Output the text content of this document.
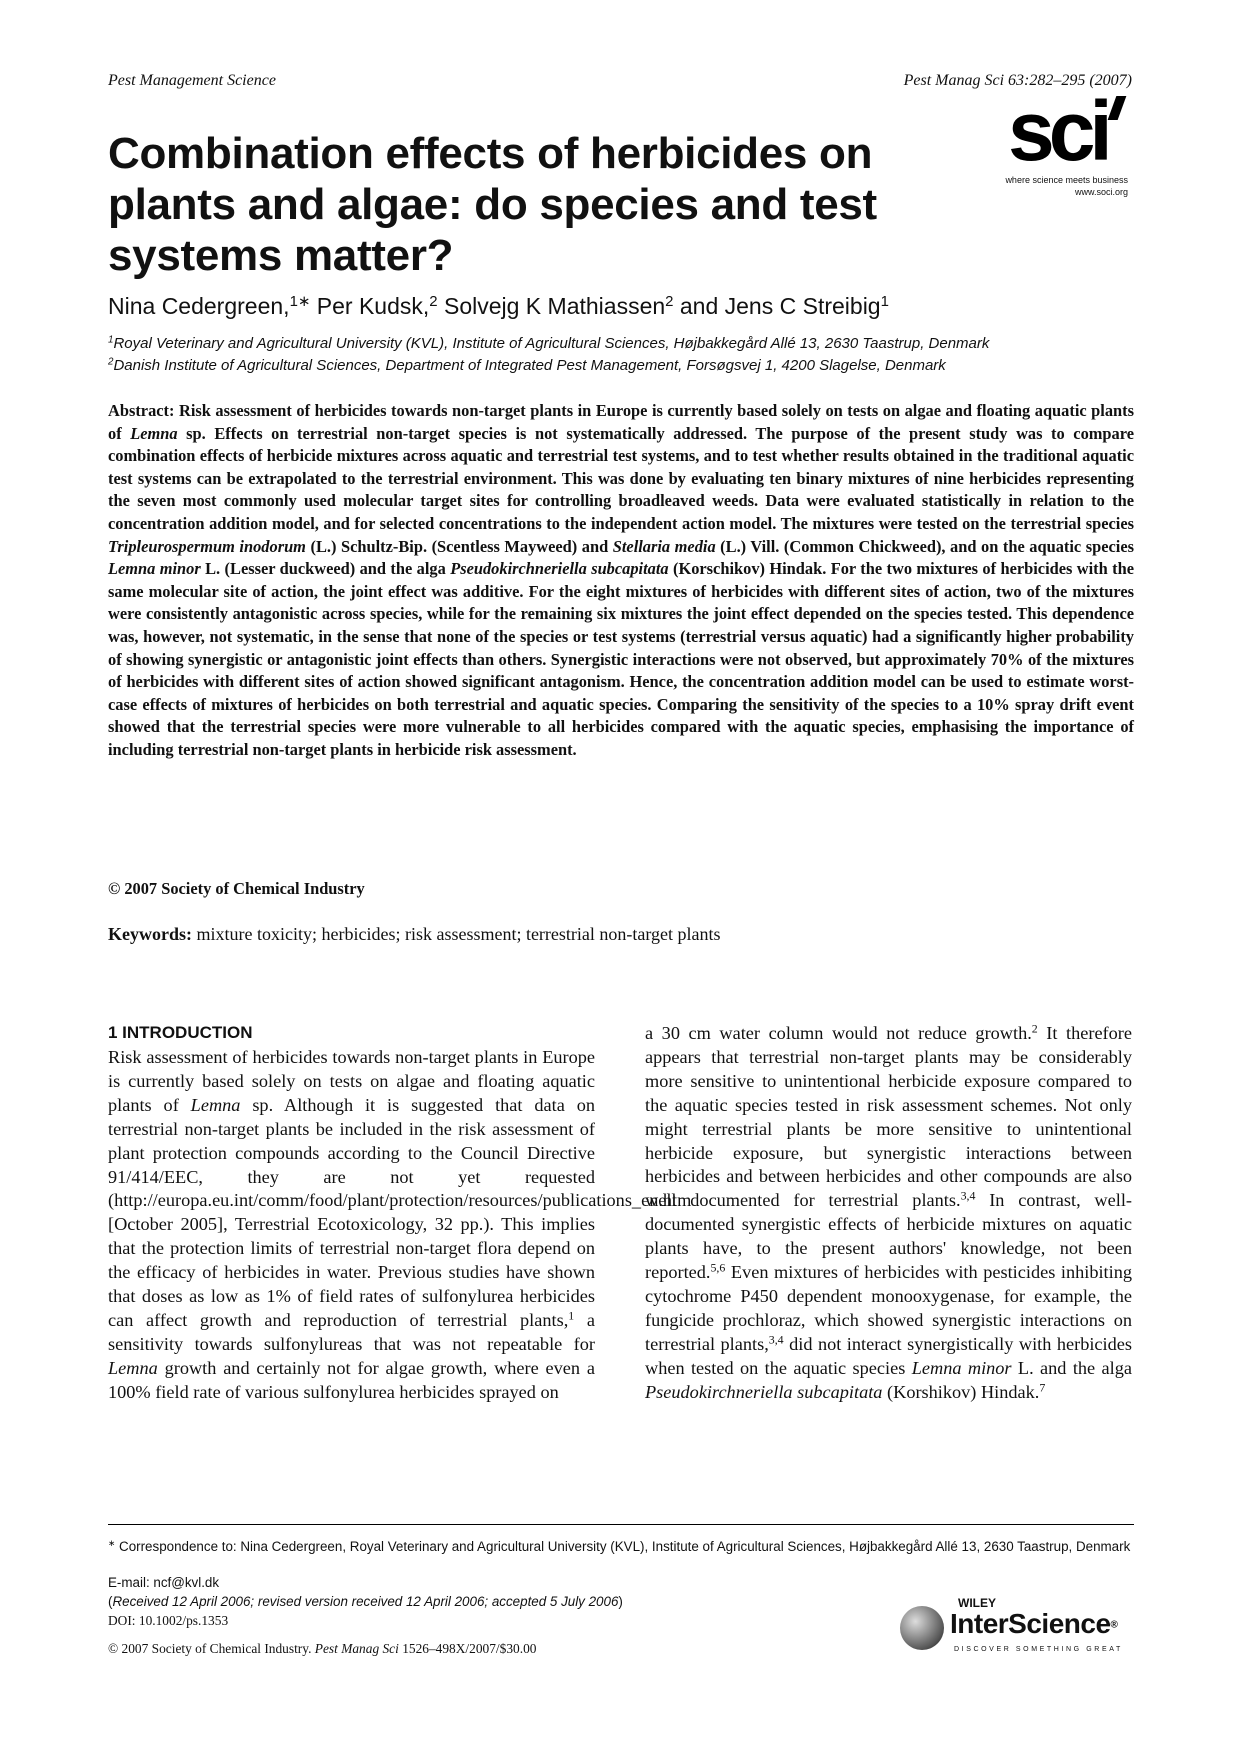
Pest Management Science	Pest Manag Sci 63:282–295 (2007)
sci
where science meets business
www.soci.org
Combination effects of herbicides on plants and algae: do species and test systems matter?
Nina Cedergreen,$^{1∗}$ Per Kudsk,$^2$ Solvejg K Mathiassen$^2$ and Jens C Streibig$^1$
$^1$Royal Veterinary and Agricultural University (KVL), Institute of Agricultural Sciences, Højbakkegård Allé 13, 2630 Taastrup, Denmark
$^2$Danish Institute of Agricultural Sciences, Department of Integrated Pest Management, Forsøgsvej 1, 4200 Slagelse, Denmark
Abstract: Risk assessment of herbicides towards non-target plants in Europe is currently based solely on tests on algae and floating aquatic plants of Lemna sp. Effects on terrestrial non-target species is not systematically addressed. The purpose of the present study was to compare combination effects of herbicide mixtures across aquatic and terrestrial test systems, and to test whether results obtained in the traditional aquatic test systems can be extrapolated to the terrestrial environment. This was done by evaluating ten binary mixtures of nine herbicides representing the seven most commonly used molecular target sites for controlling broadleaved weeds. Data were evaluated statistically in relation to the concentration addition model, and for selected concentrations to the independent action model. The mixtures were tested on the terrestrial species Tripleurospermum inodorum (L.) Schultz-Bip. (Scentless Mayweed) and Stellaria media (L.) Vill. (Common Chickweed), and on the aquatic species Lemna minor L. (Lesser duckweed) and the alga Pseudokirchneriella subcapitata (Korschikov) Hindak. For the two mixtures of herbicides with the same molecular site of action, the joint effect was additive. For the eight mixtures of herbicides with different sites of action, two of the mixtures were consistently antagonistic across species, while for the remaining six mixtures the joint effect depended on the species tested. This dependence was, however, not systematic, in the sense that none of the species or test systems (terrestrial versus aquatic) had a significantly higher probability of showing synergistic or antagonistic joint effects than others. Synergistic interactions were not observed, but approximately 70% of the mixtures of herbicides with different sites of action showed significant antagonism. Hence, the concentration addition model can be used to estimate worst-case effects of mixtures of herbicides on both terrestrial and aquatic species. Comparing the sensitivity of the species to a 10% spray drift event showed that the terrestrial species were more vulnerable to all herbicides compared with the aquatic species, emphasising the importance of including terrestrial non-target plants in herbicide risk assessment.
© 2007 Society of Chemical Industry
Keywords: mixture toxicity; herbicides; risk assessment; terrestrial non-target plants
1 INTRODUCTION
Risk assessment of herbicides towards non-target plants in Europe is currently based solely on tests on algae and floating aquatic plants of Lemna sp. Although it is suggested that data on terrestrial non-target plants be included in the risk assessment of plant protection compounds according to the Council Directive 91/414/EEC, they are not yet requested (http://europa.eu.int/comm/food/plant/protection/resources/publications_en.htm [October 2005], Terrestrial Ecotoxicology, 32 pp.). This implies that the protection limits of terrestrial non-target flora depend on the efficacy of herbicides in water. Previous studies have shown that doses as low as 1% of field rates of sulfonylurea herbicides can affect growth and reproduction of terrestrial plants,$^1$ a sensitivity towards sulfonylureas that was not repeatable for Lemna growth and certainly not for algae growth, where even a 100% field rate of various sulfonylurea herbicides sprayed on
a 30 cm water column would not reduce growth.$^2$ It therefore appears that terrestrial non-target plants may be considerably more sensitive to unintentional herbicide exposure compared to the aquatic species tested in risk assessment schemes. Not only might terrestrial plants be more sensitive to unintentional herbicide exposure, but synergistic interactions between herbicides and between herbicides and other compounds are also well documented for terrestrial plants.$^{3,4}$ In contrast, well-documented synergistic effects of herbicide mixtures on aquatic plants have, to the present authors' knowledge, not been reported.$^{5,6}$ Even mixtures of herbicides with pesticides inhibiting cytochrome P450 dependent monooxygenase, for example, the fungicide prochloraz, which showed synergistic interactions on terrestrial plants,$^{3,4}$ did not interact synergistically with herbicides when tested on the aquatic species Lemna minor L. and the alga Pseudokirchneriella subcapitata (Korshikov) Hindak.$^7$
∗ Correspondence to: Nina Cedergreen, Royal Veterinary and Agricultural University (KVL), Institute of Agricultural Sciences, Højbakkegård Allé 13, 2630 Taastrup, Denmark
E-mail: ncf@kvl.dk
(Received 12 April 2006; revised version received 12 April 2006; accepted 5 July 2006)
DOI: 10.1002/ps.1353
© 2007 Society of Chemical Industry. Pest Manag Sci 1526–498X/2007/$30.00
WILEY
InterScience®
DISCOVER SOMETHING GREAT
